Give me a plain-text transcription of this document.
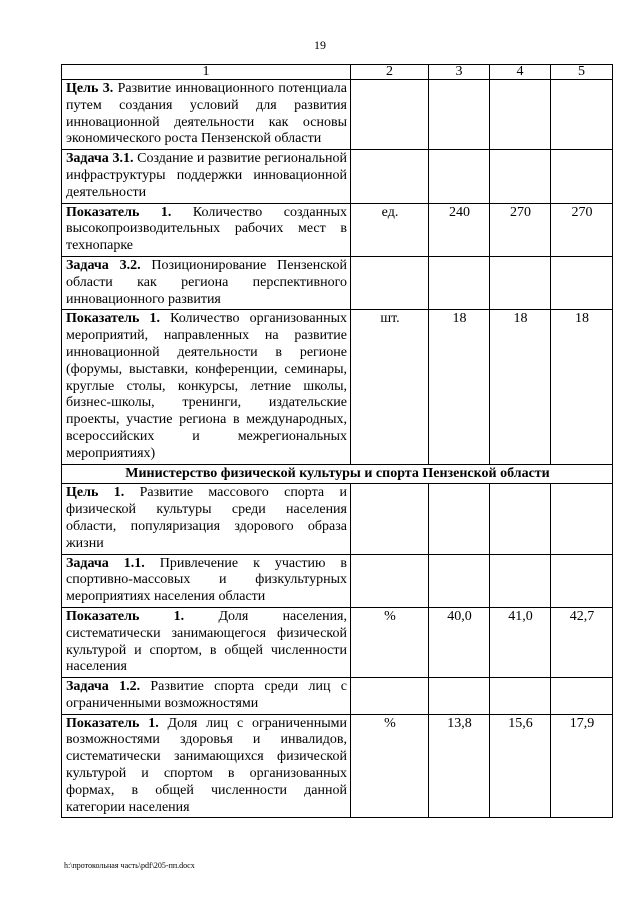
19
1	2	3	4	5
Цель 3. Развитие инновационного потенциала путем создания условий для развития инновационной деятельности как основы экономического роста Пензенской области				
Задача 3.1. Создание и развитие региональной инфраструктуры поддержки инновационной деятельности				
Показатель 1. Количество созданных высокопроизводительных рабочих мест в технопарке	ед.	240	270	270
Задача 3.2. Позиционирование Пензенской области как региона перспективного инновационного развития				
Показатель 1. Количество организованных мероприятий, направленных на развитие инновационной деятельности в регионе (форумы, выставки, конференции, семинары, круглые столы, конкурсы, летние школы, бизнес-школы, тренинги, издательские проекты, участие региона в международных, всероссийских и межрегиональных мероприятиях)	шт.	18	18	18
Министерство физической культуры и спорта Пензенской области				
Цель 1. Развитие массового спорта и физической культуры среди населения области, популяризация здорового образа жизни				
Задача 1.1. Привлечение к участию в спортивно-массовых и физкультурных мероприятиях населения области				
Показатель 1. Доля населения, систематически занимающегося физической культурой и спортом, в общей численности населения	%	40,0	41,0	42,7
Задача 1.2. Развитие спорта среди лиц с ограниченными возможностями				
Показатель 1. Доля лиц с ограниченными возможностями здоровья и инвалидов, систематически занимающихся физической культурой и спортом в организованных формах, в общей численности данной категории населения	%	13,8	15,6	17,9
h:\протокольная часть\pdf\205-пп.docx
